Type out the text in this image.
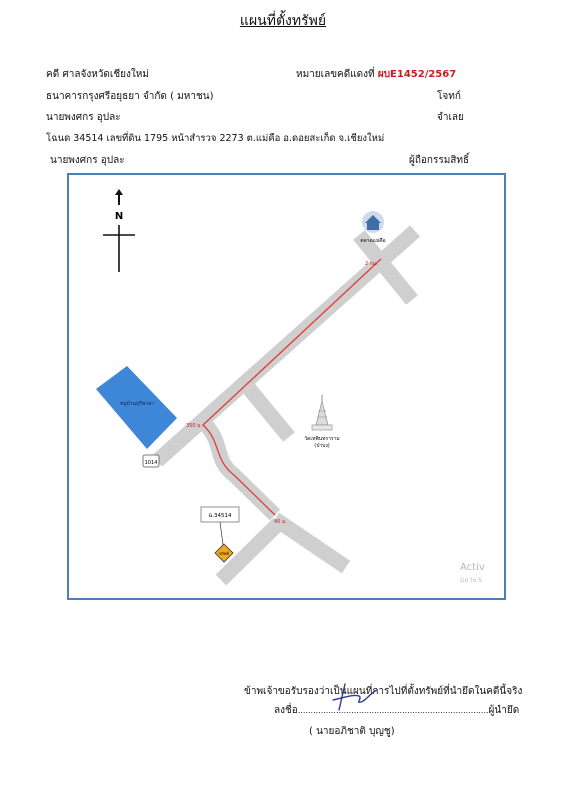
แผนที่ตั้งทรัพย์
คดี ศาลจังหวัดเชียงใหม่	หมายเลขคดีแดงที่ ผบE1452/2567
ธนาคารกรุงศรีอยุธยา จำกัด ( มหาชน)	โจทก์
นายพงศกร อุปละ	จำเลย
โฉนด 34514 เลขที่ดิน 1795 หน้าสำรวจ 2273 ต.แม่คือ อ.ดอยสะเก็ด จ.เชียงใหม่
นายพงศกร อุปละ	ผู้ถือกรรมสิทธิ์
หมู่บ้านบุรีชาลา
N
ตลาดแม่คือ
2 กม.
350 ม.
40 ม.
วัดเทพินทราราม
(ป่าบง)
1014
ฉ.34514
ทรัพย์
Activ
Go to S
ข้าพเจ้าขอรับรองว่าเป็นแผนที่การไปที่ตั้งทรัพย์ที่นำยึดในคดีนี้จริง
ลงชื่อ...........................................................................ผู้นำยึด
( นายอภิชาติ บุญชู)
